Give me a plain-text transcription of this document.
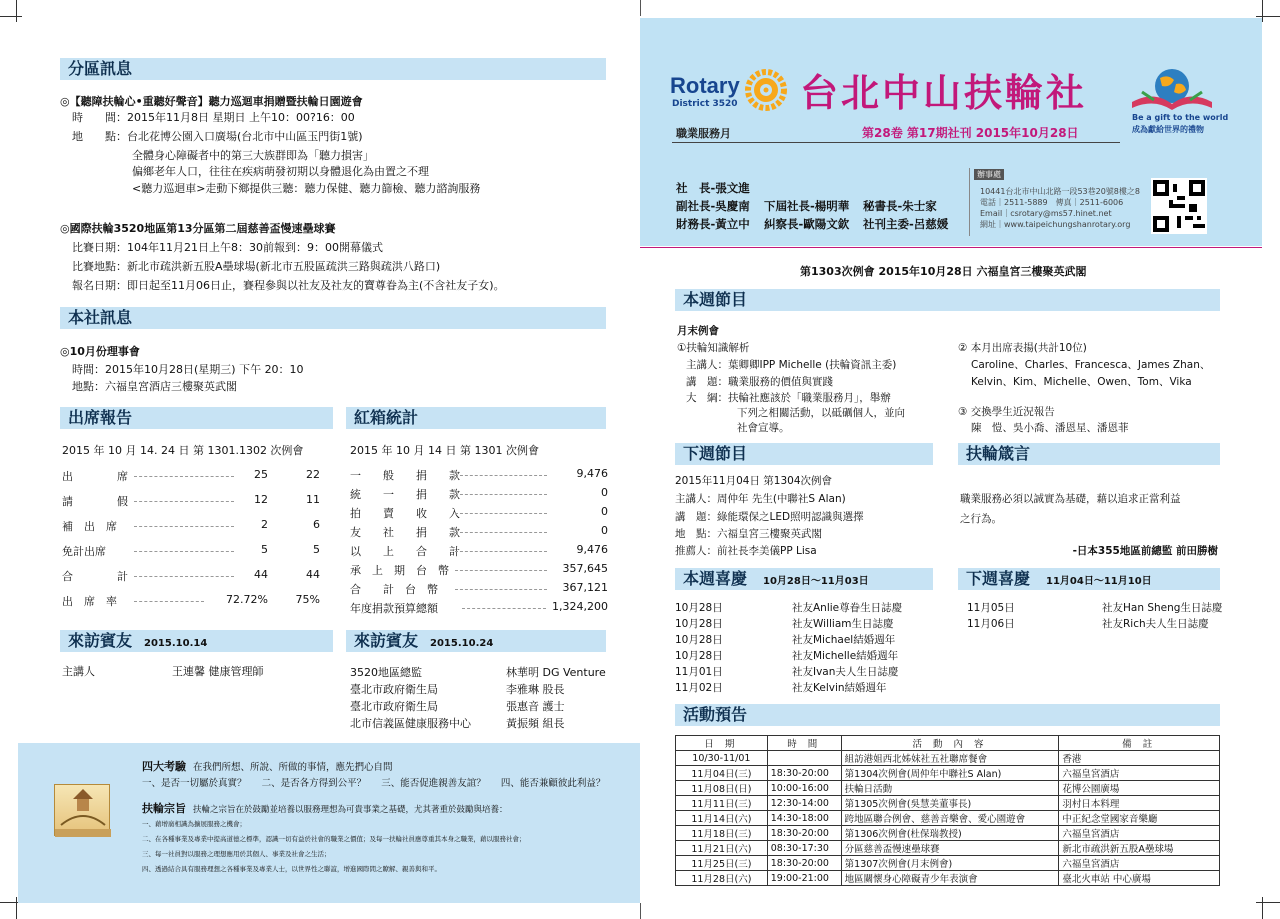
分區訊息
◎【聽障扶輪心•重聽好聲音】聽力巡迴車捐贈暨扶輪日園遊會
時　　間：2015年11月8日 星期日 上午10：00?16：00
地　　點：台北花博公園入口廣場(台北市中山區玉門街1號)
全體身心障礙者中的第三大族群即為「聽力損害」
偏鄉老年人口，往往在疾病萌發初期以身體退化為由置之不理
<聽力巡迴車>走動下鄉提供三聽：聽力保健、聽力篩檢、聽力諮詢服務
◎國際扶輪3520地區第13分區第二屆慈善盃慢速壘球賽
比賽日期：104年11月21日上午8：30前報到：9：00開幕儀式
比賽地點：新北市疏洪新五股A壘球場(新北市五股區疏洪三路與疏洪八路口)
報名日期：即日起至11月06日止，賽程參與以社友及社友的寶尊眷為主(不含社友子女)。
本社訊息
◎10月份理事會
時間：2015年10月28日(星期三) 下午 20：10
地點：六福皇宮酒店三樓聚英武閣
出席報告
2015 年 10 月 14. 24 日 第 1301.1302 次例會
出　　　　席	25	22
請　　　　假	12	11
補　出　席	2	6
免計出席	5	5
合　　　　計	44	44
出　席　率	72.72%	75%
紅箱統計
2015 年 10 月 14 日 第 1301 次例會
一　　般　　捐　　款	9,476
統　　一　　捐　　款	0
拍　　賣　　收　　入	0
友　　社　　捐　　款	0
以　　上　　合　　計	9,476
承　上　期　台　幣	357,645
合　　計　台　幣	367,121
年度捐款預算總額	1,324,200
來訪賓友 2015.10.14
主講人	王連馨 健康管理師
來訪賓友 2015.10.24
3520地區總監	林華明 DG Venture
臺北市政府衛生局	李雅琳 股長
臺北市政府衛生局	張惠音 護士
北市信義區健康服務中心	黃振頻 組長
四大考驗 在我們所想、所說、所做的事情，應先捫心自問
一、是否一切屬於真實？ 二、是否各方得到公平？ 三、能否促進親善友誼？ 四、能否兼顧彼此利益？
扶輪宗旨 扶輪之宗旨在於鼓勵並培養以服務理想為可貴事業之基礎，尤其著重於鼓勵與培養：
一、藉增廣相識為擴展服務之機會；
二、在各種事業及專業中提高道德之標準，認識一切有益於社會的職業之價值；及每一扶輪社員應尊重其本身之職業，藉以服務社會；
三、每一社員對以服務之理想應用於其個人、事業及社會之生活；
四、透過結合具有服務理想之各種事業及專業人士，以世界性之聯誼，增進國際間之瞭解、親善與和平。
Rotary
District 3520 台北中山扶輪社
Be a gift to the world
成為獻給世界的禮物
職業服務月	第28卷 第17期社刊 2015年10月28日
社　長-張文進
副社長-吳慶南 下屆社長-楊明華 秘書長-朱士家
財務長-黃立中 糾察長-歐陽文欽 社刊主委-呂慈媛
辦事處
10441台北市中山北路一段53巷20號8樓之8
電話｜2511-5889　傳真｜2511-6006
Email｜csrotary@ms57.hinet.net
網址｜www.taipeichungshanrotary.org
第1303次例會 2015年10月28日 六福皇宮三樓聚英武閣
本週節目
月末例會
①扶輪知識解析
主講人：葉卿卿IPP Michelle (扶輪資訊主委)
講　題：職業服務的價值與實踐
大　綱：扶輪社應該於「職業服務月」，舉辦
下列之相關活動，以砥礪個人，並向
社會宣導。
② 本月出席表揚(共計10位)
Caroline、Charles、Francesca、James Zhan、
Kelvin、Kim、Michelle、Owen、Tom、Vika
③ 交換學生近況報告
陳　愷、吳小喬、潘恩星、潘恩菲
下週節目
2015年11月04日 第1304次例會
主講人：周仲年 先生(中聯社S Alan)
講　題：綠能環保之LED照明認識與選擇
地　點：六福皇宮三樓聚英武閣
推薦人：前社長李美儀PP Lisa
扶輪箴言
職業服務必須以誠實為基礎，藉以追求正當利益
之行為。
-日本355地區前總監 前田勝樹
本週喜慶 10月28日～11月03日
10月28日	社友Anlie尊眷生日誌慶
10月28日	社友William生日誌慶
10月28日	社友Michael結婚週年
10月28日	社友Michelle結婚週年
11月01日	社友Ivan夫人生日誌慶
11月02日	社友Kelvin結婚週年
下週喜慶 11月04日～11月10日
11月05日	社友Han Sheng生日誌慶
11月06日	社友Rich夫人生日誌慶
活動預告
日 期	時 間	活 動 內 容	備 註
10/30-11/01		組訪港姐西北姊妹社五社聯席餐會	香港
11月04日(三)	18:30-20:00	第1304次例會(周仲年中聯社S Alan)	六福皇宮酒店
11月08日(日)	10:00-16:00	扶輪日活動	花博公園廣場
11月11日(三)	12:30-14:00	第1305次例會(吳慧美董事長)	羽村日本料理
11月14日(六)	14:30-18:00	跨地區聯合例會、慈善音樂會、愛心園遊會	中正紀念堂國家音樂廳
11月18日(三)	18:30-20:00	第1306次例會(杜保瑞教授)	六福皇宮酒店
11月21日(六)	08:30-17:30	分區慈善盃慢速壘球賽	新北市疏洪新五股A壘球場
11月25日(三)	18:30-20:00	第1307次例會(月末例會)	六福皇宮酒店
11月28日(六)	19:00-21:00	地區關懷身心障礙青少年表演會	臺北火車站 中心廣場
